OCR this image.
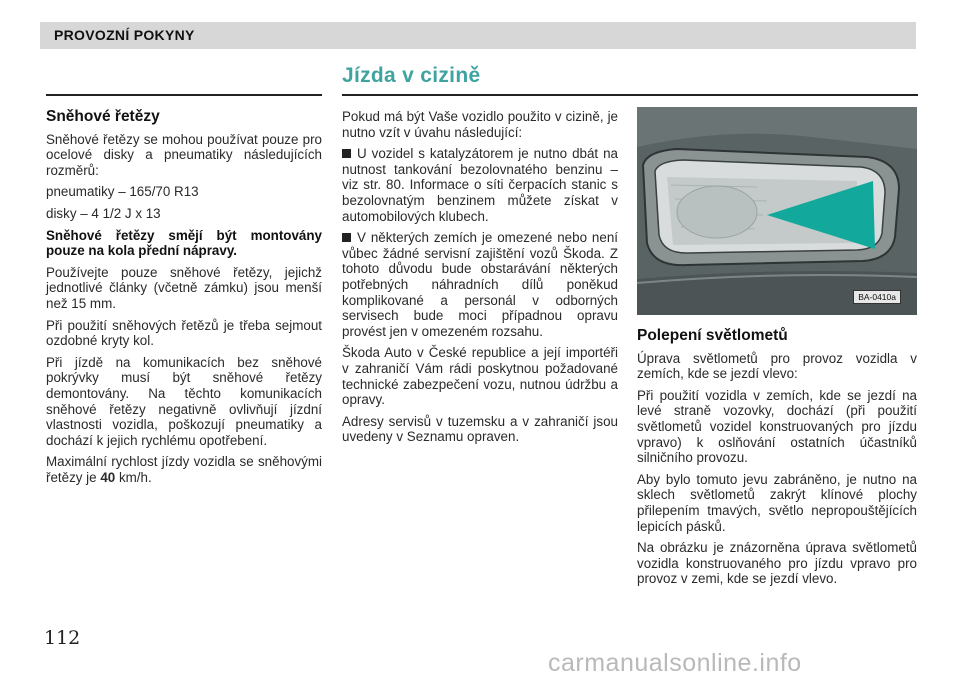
PROVOZNÍ POKYNY
Jízda v cizině
Sněhové řetězy

Sněhové řetězy se mohou používat pouze pro ocelové disky a pneumatiky následujících rozměrů:

pneumatiky – 165/70 R13

disky – 4 1/2 J x 13

Sněhové řetězy smějí být montovány pouze na kola přední nápravy.

Používejte pouze sněhové řetězy, jejichž jednotlivé články (včetně zámku) jsou menší než 15 mm.

Při použití sněhových řetězů je třeba sejmout ozdobné kryty kol.

Při jízdě na komunikacích bez sněhové pokrývky musí být sněhové řetězy demontovány. Na těchto komunikacích sněhové řetězy negativně ovlivňují jízdní vlastnosti vozidla, poškozují pneumatiky a dochází k jejich rychlému opotřebení.

Maximální rychlost jízdy vozidla se sněhovými řetězy je 40 km/h.

Pokud má být Vaše vozidlo použito v cizině, je nutno vzít v úvahu následující:

U vozidel s katalyzátorem je nutno dbát na nutnost tankování bezolovnatého benzinu – viz str. 80. Informace o síti čerpacích stanic s bezolovnatým benzinem můžete získat v automobilových klubech.

V některých zemích je omezené nebo není vůbec žádné servisní zajištění vozů Škoda. Z tohoto důvodu bude obstarávání některých potřebných náhradních dílů poněkud komplikované a personál v odborných servisech bude moci případnou opravu provést jen v omezeném rozsahu.

Škoda Auto v České republice a její importéři v zahraničí Vám rádi poskytnou požadované technické zabezpečení vozu, nutnou údržbu a opravy.

Adresy servisů v tuzemsku a v zahraničí jsou uvedeny v Seznamu opraven.

BA-0410a
Polepení světlometů

Úprava světlometů pro provoz vozidla v zemích, kde se jezdí vlevo:

Při použití vozidla v zemích, kde se jezdí na levé straně vozovky, dochází (při použití světlometů vozidel konstruovaných pro jízdu vpravo) k oslňování ostatních účastníků silničního provozu.

Aby bylo tomuto jevu zabráněno, je nutno na sklech světlometů zakrýt klínové plochy přilepením tmavých, světlo nepropouštějících lepicích pásků.

Na obrázku je znázorněna úprava světlometů vozidla konstruovaného pro jízdu vpravo pro provoz v zemi, kde se jezdí vlevo.

112
carmanualsonline.info
